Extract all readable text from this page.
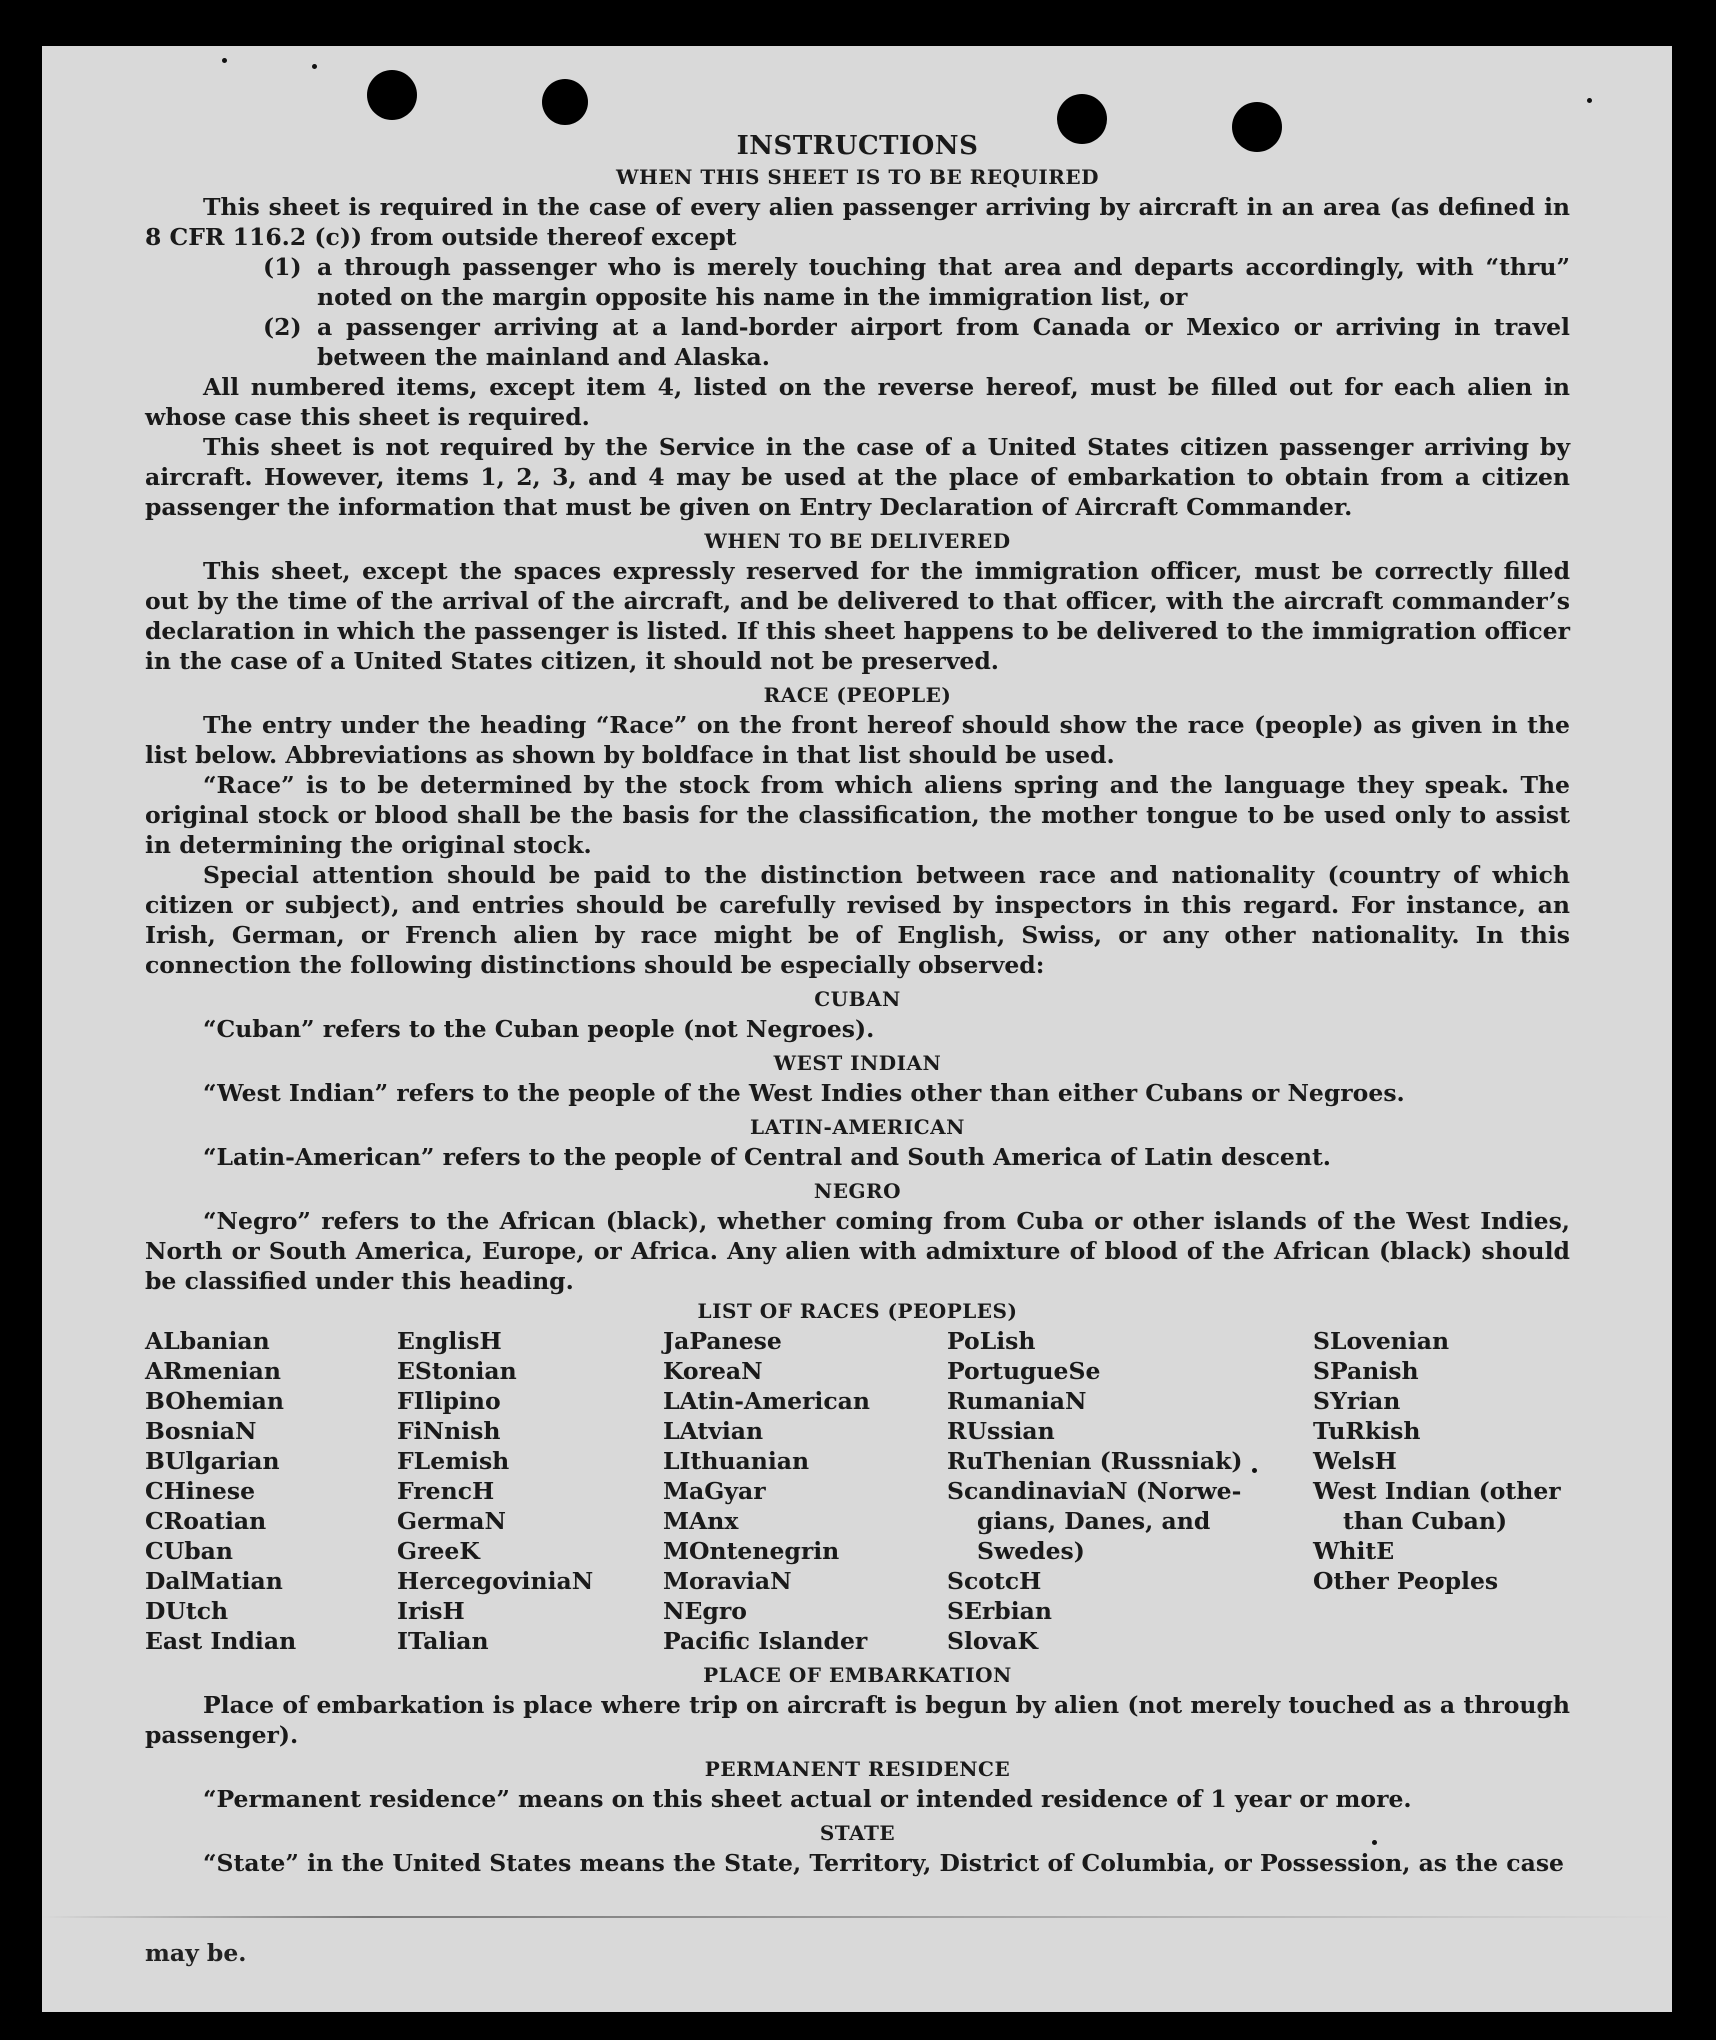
INSTRUCTIONS
WHEN THIS SHEET IS TO BE REQUIRED

This sheet is required in the case of every alien passenger arriving by aircraft in an area (as defined in 8 CFR 116.2 (c)) from outside thereof except

(1) a through passenger who is merely touching that area and departs accordingly, with “thru” noted on the margin opposite his name in the immigration list, or
(2) a passenger arriving at a land-border airport from Canada or Mexico or arriving in travel between the mainland and Alaska.

All numbered items, except item 4, listed on the reverse hereof, must be filled out for each alien in whose case this sheet is required.

This sheet is not required by the Service in the case of a United States citizen passenger arriving by aircraft. However, items 1, 2, 3, and 4 may be used at the place of embarkation to obtain from a citizen passenger the information that must be given on Entry Declaration of Aircraft Commander.

WHEN TO BE DELIVERED

This sheet, except the spaces expressly reserved for the immigration officer, must be correctly filled out by the time of the arrival of the aircraft, and be delivered to that officer, with the aircraft commander’s declaration in which the passenger is listed. If this sheet happens to be delivered to the immigration officer in the case of a United States citizen, it should not be preserved.

RACE (PEOPLE)

The entry under the heading “Race” on the front hereof should show the race (people) as given in the list below. Abbreviations as shown by boldface in that list should be used.

“Race” is to be determined by the stock from which aliens spring and the language they speak. The original stock or blood shall be the basis for the classification, the mother tongue to be used only to assist in determining the original stock.

Special attention should be paid to the distinction between race and nationality (country of which citizen or subject), and entries should be carefully revised by inspectors in this regard. For instance, an Irish, German, or French alien by race might be of English, Swiss, or any other nationality. In this connection the following distinctions should be especially observed:

CUBAN

“Cuban” refers to the Cuban people (not Negroes).

WEST INDIAN

“West Indian” refers to the people of the West Indies other than either Cubans or Negroes.

LATIN-AMERICAN

“Latin-American” refers to the people of Central and South America of Latin descent.

NEGRO

“Negro” refers to the African (black), whether coming from Cuba or other islands of the West Indies, North or South America, Europe, or Africa. Any alien with admixture of blood of the African (black) should be classified under this heading.

LIST OF RACES (PEOPLES)
ALbanian
ARmenian
BOhemian
BosniaN
BUlgarian
CHinese
CRoatian
CUban
DalMatian
DUtch
East Indian
EnglisH
EStonian
FIlipino
FiNnish
FLemish
FrencH
GermaN
GreeK
HercegoviniaN
IrisH
ITalian
JaPanese
KoreaN
LAtin-American
LAtvian
LIthuanian
MaGyar
MAnx
MOntenegrin
MoraviaN
NEgro
Pacific Islander
PoLish
PortugueSe
RumaniaN
RUssian
RuThenian (Russniak)
ScandinaviaN (Norwe-
gians, Danes, and
Swedes)
ScotcH
SErbian
SlovaK
SLovenian
SPanish
SYrian
TuRkish
WelsH
West Indian (other
than Cuban)
WhitE
Other Peoples
PLACE OF EMBARKATION

Place of embarkation is place where trip on aircraft is begun by alien (not merely touched as a through passenger).

PERMANENT RESIDENCE

“Permanent residence” means on this sheet actual or intended residence of 1 year or more.

STATE

“State” in the United States means the State, Territory, District of Columbia, or Possession, as the case

may be.
